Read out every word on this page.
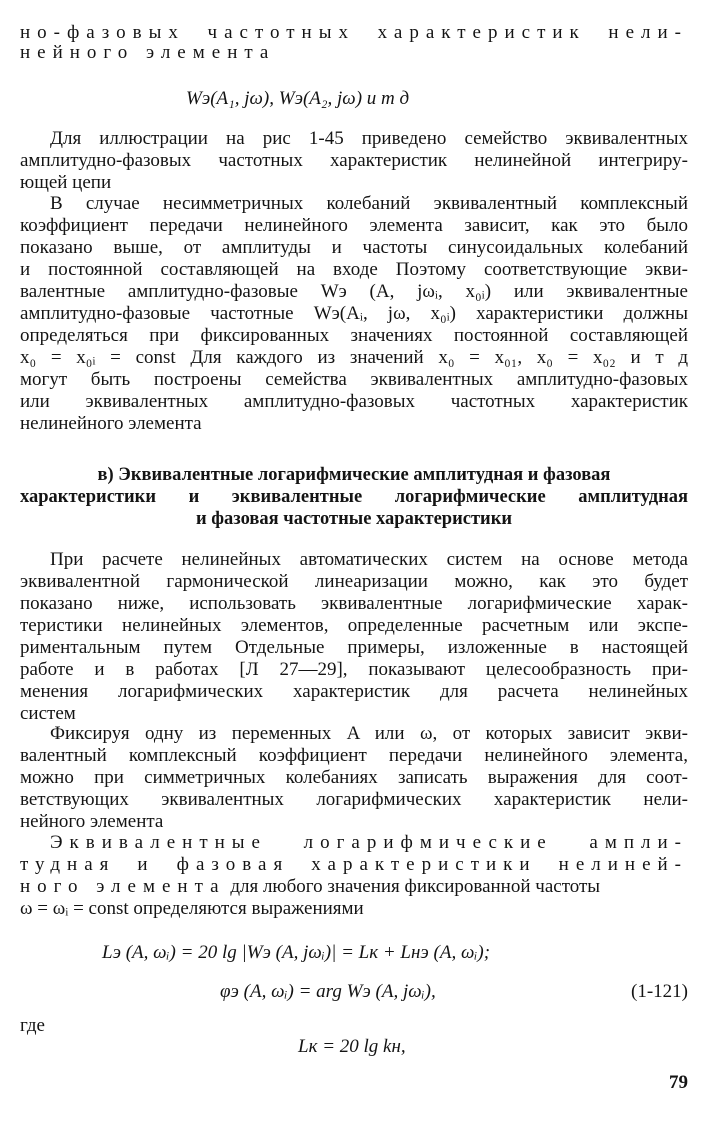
но-фазовых частотных характеристик нели-
нейного элемента
Wэ(A₁, jω), Wэ(A₂, jω) и т д
Для иллюстрации на рис 1-45 приведено семейство эквивалентных
амплитудно-фазовых частотных характеристик нелинейной интегриру-
ющей цепи
В случае несимметричных колебаний эквивалентный комплексный
коэффициент передачи нелинейного элемента зависит, как это было
показано выше, от амплитуды и частоты синусоидальных колебаний
и постоянной составляющей на входе Поэтому соответствующие экви-
валентные амплитудно-фазовые Wэ (A, jωᵢ, x₀ᵢ) или эквивалентные
амплитудно-фазовые частотные Wэ(Aᵢ, jω, x₀ᵢ) характеристики должны
определяться при фиксированных значениях постоянной составляющей
x₀ = x₀ᵢ = const Для каждого из значений x₀ = x₀₁, x₀ = x₀₂ и т д
могут быть построены семейства эквивалентных амплитудно-фазовых
или эквивалентных амплитудно-фазовых частотных характеристик
нелинейного элемента
в) Эквивалентные логарифмические амплитудная и фазовая
характеристики и эквивалентные логарифмические амплитудная
и фазовая частотные характеристики
При расчете нелинейных автоматических систем на основе метода
эквивалентной гармонической линеаризации можно, как это будет
показано ниже, использовать эквивалентные логарифмические харак-
теристики нелинейных элементов, определенные расчетным или экспе-
риментальным путем Отдельные примеры, изложенные в настоящей
работе и в работах [Л 27—29], показывают целесообразность при-
менения логарифмических характеристик для расчета нелинейных
систем
Фиксируя одну из переменных A или ω, от которых зависит экви-
валентный комплексный коэффициент передачи нелинейного элемента,
можно при симметричных колебаниях записать выражения для соот-
ветствующих эквивалентных логарифмических характеристик нели-
нейного элемента
Эквивалентные логарифмические ампли-
тудная и фазовая характеристики нелиней-
ного элемента для любого значения фиксированной частоты
ω = ωᵢ = const определяются выражениями
Lэ (A, ωᵢ) = 20 lg |Wэ (A, jωᵢ)| = Lк + Lнэ (A, ωᵢ);
φэ (A, ωᵢ) = arg Wэ (A, jωᵢ),	(1-121)
где
Lк = 20 lg kн,
79
